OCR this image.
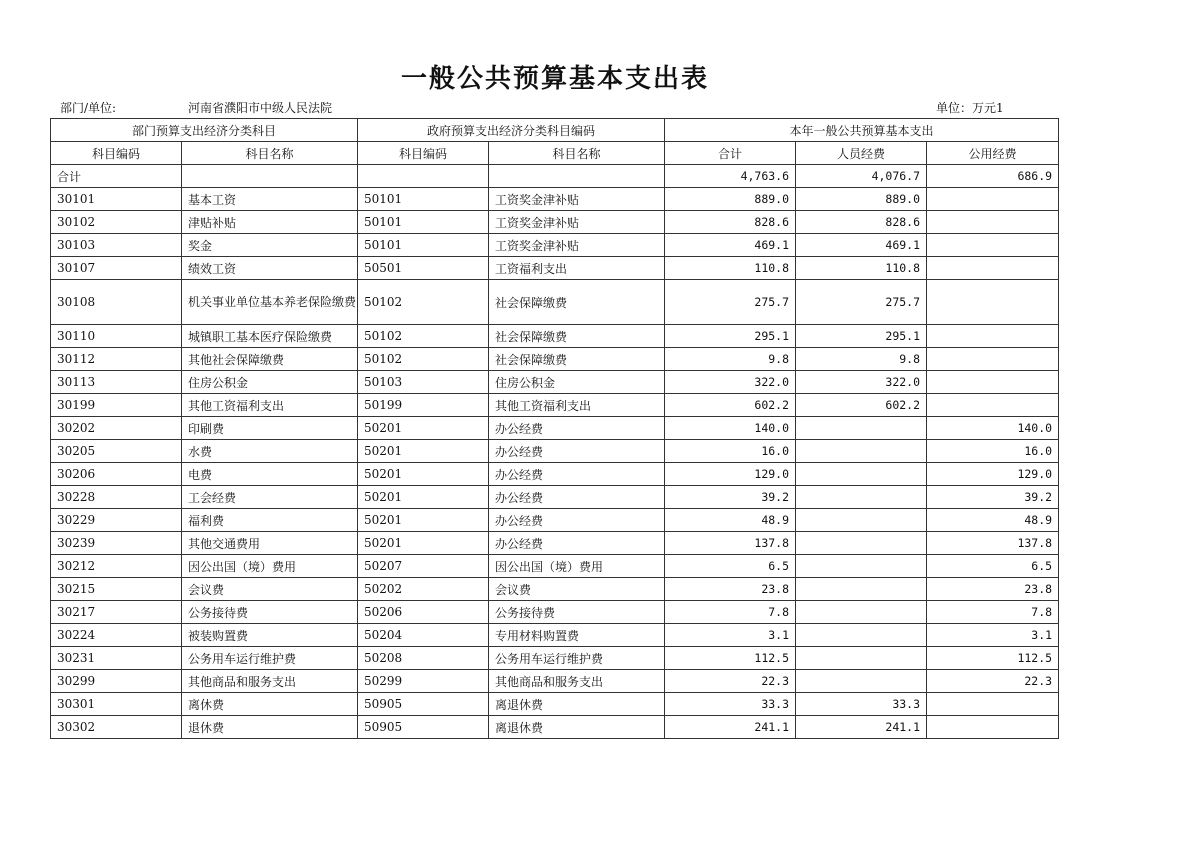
一般公共预算基本支出表
部门/单位:	河南省濮阳市中级人民法院	单位：万元1
部门预算支出经济分类科目		政府预算支出经济分类科目编码		本年一般公共预算基本支出		
科目编码	科目名称	科目编码	科目名称	合计	人员经费	公用经费
合计				4,763.6	4,076.7	686.9
30101	基本工资	50101	工资奖金津补贴	889.0	889.0	
30102	津贴补贴	50101	工资奖金津补贴	828.6	828.6	
30103	奖金	50101	工资奖金津补贴	469.1	469.1	
30107	绩效工资	50501	工资福利支出	110.8	110.8	
30108	机关事业单位基本养老保险缴费	50102	社会保障缴费	275.7	275.7	
30110	城镇职工基本医疗保险缴费	50102	社会保障缴费	295.1	295.1	
30112	其他社会保障缴费	50102	社会保障缴费	9.8	9.8	
30113	住房公积金	50103	住房公积金	322.0	322.0	
30199	其他工资福利支出	50199	其他工资福利支出	602.2	602.2	
30202	印刷费	50201	办公经费	140.0		140.0
30205	水费	50201	办公经费	16.0		16.0
30206	电费	50201	办公经费	129.0		129.0
30228	工会经费	50201	办公经费	39.2		39.2
30229	福利费	50201	办公经费	48.9		48.9
30239	其他交通费用	50201	办公经费	137.8		137.8
30212	因公出国（境）费用	50207	因公出国（境）费用	6.5		6.5
30215	会议费	50202	会议费	23.8		23.8
30217	公务接待费	50206	公务接待费	7.8		7.8
30224	被装购置费	50204	专用材料购置费	3.1		3.1
30231	公务用车运行维护费	50208	公务用车运行维护费	112.5		112.5
30299	其他商品和服务支出	50299	其他商品和服务支出	22.3		22.3
30301	离休费	50905	离退休费	33.3	33.3	
30302	退休费	50905	离退休费	241.1	241.1	
